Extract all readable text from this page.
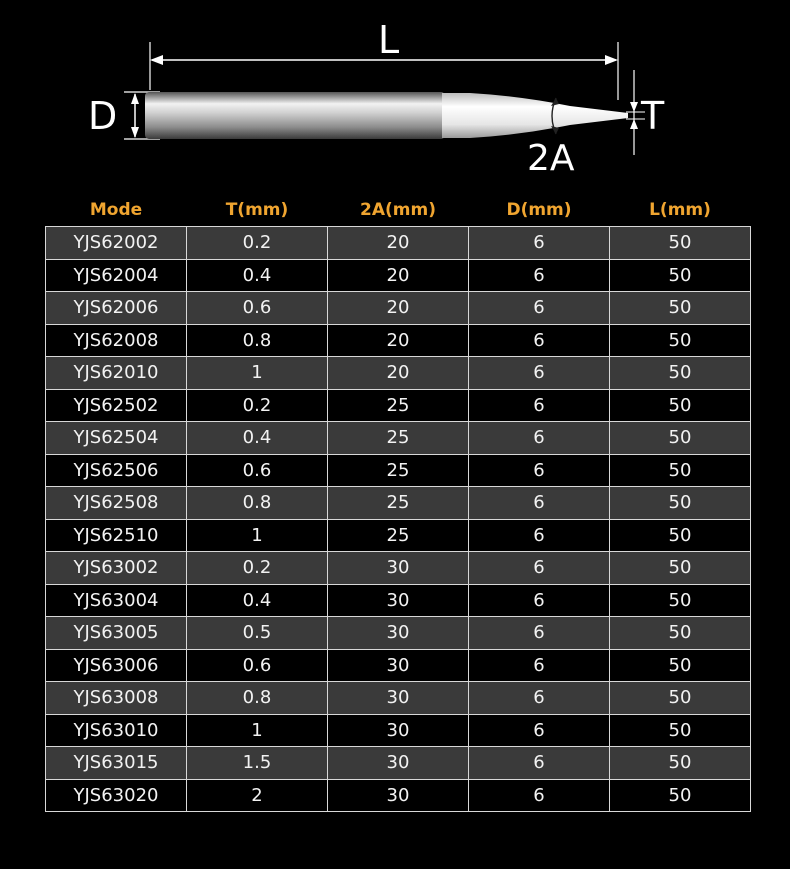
L
D	T
2A
Mode	T(mm)	2A(mm)	D(mm)	L(mm)
YJS62002	0.2	20	6	50
YJS62004	0.4	20	6	50
YJS62006	0.6	20	6	50
YJS62008	0.8	20	6	50
YJS62010	1	20	6	50
YJS62502	0.2	25	6	50
YJS62504	0.4	25	6	50
YJS62506	0.6	25	6	50
YJS62508	0.8	25	6	50
YJS62510	1	25	6	50
YJS63002	0.2	30	6	50
YJS63004	0.4	30	6	50
YJS63005	0.5	30	6	50
YJS63006	0.6	30	6	50
YJS63008	0.8	30	6	50
YJS63010	1	30	6	50
YJS63015	1.5	30	6	50
YJS63020	2	30	6	50
